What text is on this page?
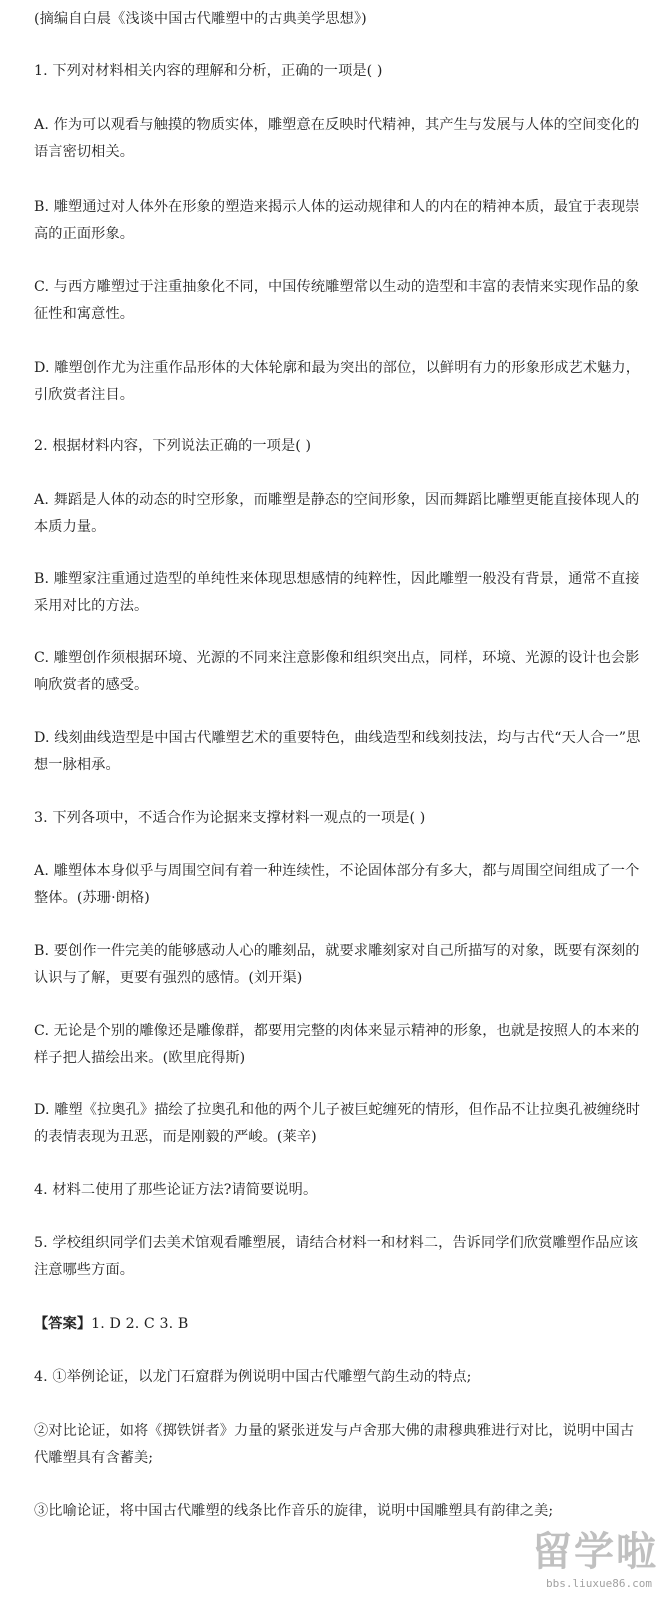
(摘编自白晨《浅谈中国古代雕塑中的古典美学思想》)

1. 下列对材料相关内容的理解和分析，正确的一项是( )

A. 作为可以观看与触摸的物质实体，雕塑意在反映时代精神，其产生与发展与人体的空间变化的语言密切相关。

B. 雕塑通过对人体外在形象的塑造来揭示人体的运动规律和人的内在的精神本质，最宜于表现崇高的正面形象。

C. 与西方雕塑过于注重抽象化不同，中国传统雕塑常以生动的造型和丰富的表情来实现作品的象征性和寓意性。

D. 雕塑创作尤为注重作品形体的大体轮廓和最为突出的部位，以鲜明有力的形象形成艺术魅力，引欣赏者注目。

2. 根据材料内容，下列说法正确的一项是( )

A. 舞蹈是人体的动态的时空形象，而雕塑是静态的空间形象，因而舞蹈比雕塑更能直接体现人的本质力量。

B. 雕塑家注重通过造型的单纯性来体现思想感情的纯粹性，因此雕塑一般没有背景，通常不直接采用对比的方法。

C. 雕塑创作须根据环境、光源的不同来注意影像和组织突出点，同样，环境、光源的设计也会影响欣赏者的感受。

D. 线刻曲线造型是中国古代雕塑艺术的重要特色，曲线造型和线刻技法，均与古代“天人合一”思想一脉相承。

3. 下列各项中，不适合作为论据来支撑材料一观点的一项是( )

A. 雕塑体本身似乎与周围空间有着一种连续性，不论固体部分有多大，都与周围空间组成了一个整体。(苏珊·朗格)

B. 要创作一件完美的能够感动人心的雕刻品，就要求雕刻家对自己所描写的对象，既要有深刻的认识与了解，更要有强烈的感情。(刘开渠)

C. 无论是个别的雕像还是雕像群，都要用完整的肉体来显示精神的形象，也就是按照人的本来的样子把人描绘出来。(欧里庇得斯)

D. 雕塑《拉奥孔》描绘了拉奥孔和他的两个儿子被巨蛇缠死的情形，但作品不让拉奥孔被缠绕时的表情表现为丑恶，而是刚毅的严峻。(莱辛)

4. 材料二使用了那些论证方法?请简要说明。

5. 学校组织同学们去美术馆观看雕塑展，请结合材料一和材料二，告诉同学们欣赏雕塑作品应该注意哪些方面。

【答案】1. D 2. C 3. B

4. ①举例论证，以龙门石窟群为例说明中国古代雕塑气韵生动的特点;

②对比论证，如将《掷铁饼者》力量的紧张迸发与卢舍那大佛的肃穆典雅进行对比，说明中国古代雕塑具有含蓄美;

③比喻论证，将中国古代雕塑的线条比作音乐的旋律，说明中国雕塑具有韵律之美;

留学啦
bbs.liuxue86.com
